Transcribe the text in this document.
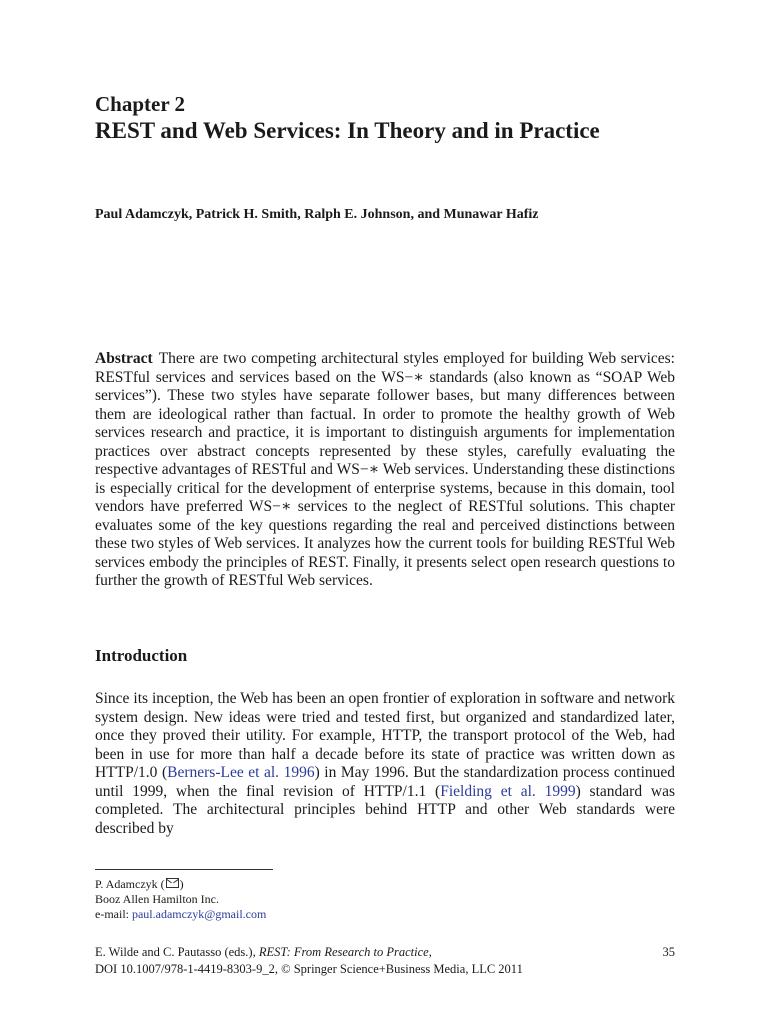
Chapter 2
REST and Web Services: In Theory and in Practice
Paul Adamczyk, Patrick H. Smith, Ralph E. Johnson, and Munawar Hafiz
Abstract There are two competing architectural styles employed for building Web services: RESTful services and services based on the WS−∗ standards (also known as “SOAP Web services”). These two styles have separate follower bases, but many differences between them are ideological rather than factual. In order to promote the healthy growth of Web services research and practice, it is important to distinguish arguments for implementation practices over abstract concepts represented by these styles, carefully evaluating the respective advantages of RESTful and WS−∗ Web services. Understanding these distinctions is especially critical for the development of enterprise systems, because in this domain, tool vendors have preferred WS−∗ services to the neglect of RESTful solutions. This chapter evaluates some of the key questions regarding the real and perceived distinctions between these two styles of Web services. It analyzes how the current tools for building RESTful Web services embody the principles of REST. Finally, it presents select open research questions to further the growth of RESTful Web services.
Introduction
Since its inception, the Web has been an open frontier of exploration in software and network system design. New ideas were tried and tested first, but organized and standardized later, once they proved their utility. For example, HTTP, the transport protocol of the Web, had been in use for more than half a decade before its state of practice was written down as HTTP/1.0 (Berners-Lee et al. 1996) in May 1996. But the standardization process continued until 1999, when the final revision of HTTP/1.1 (Fielding et al. 1999) standard was completed. The architectural principles behind HTTP and other Web standards were described by
P. Adamczyk ( )
Booz Allen Hamilton Inc.
e-mail: paul.adamczyk@gmail.com
E. Wilde and C. Pautasso (eds.), REST: From Research to Practice,	35
DOI 10.1007/978-1-4419-8303-9_2, © Springer Science+Business Media, LLC 2011
